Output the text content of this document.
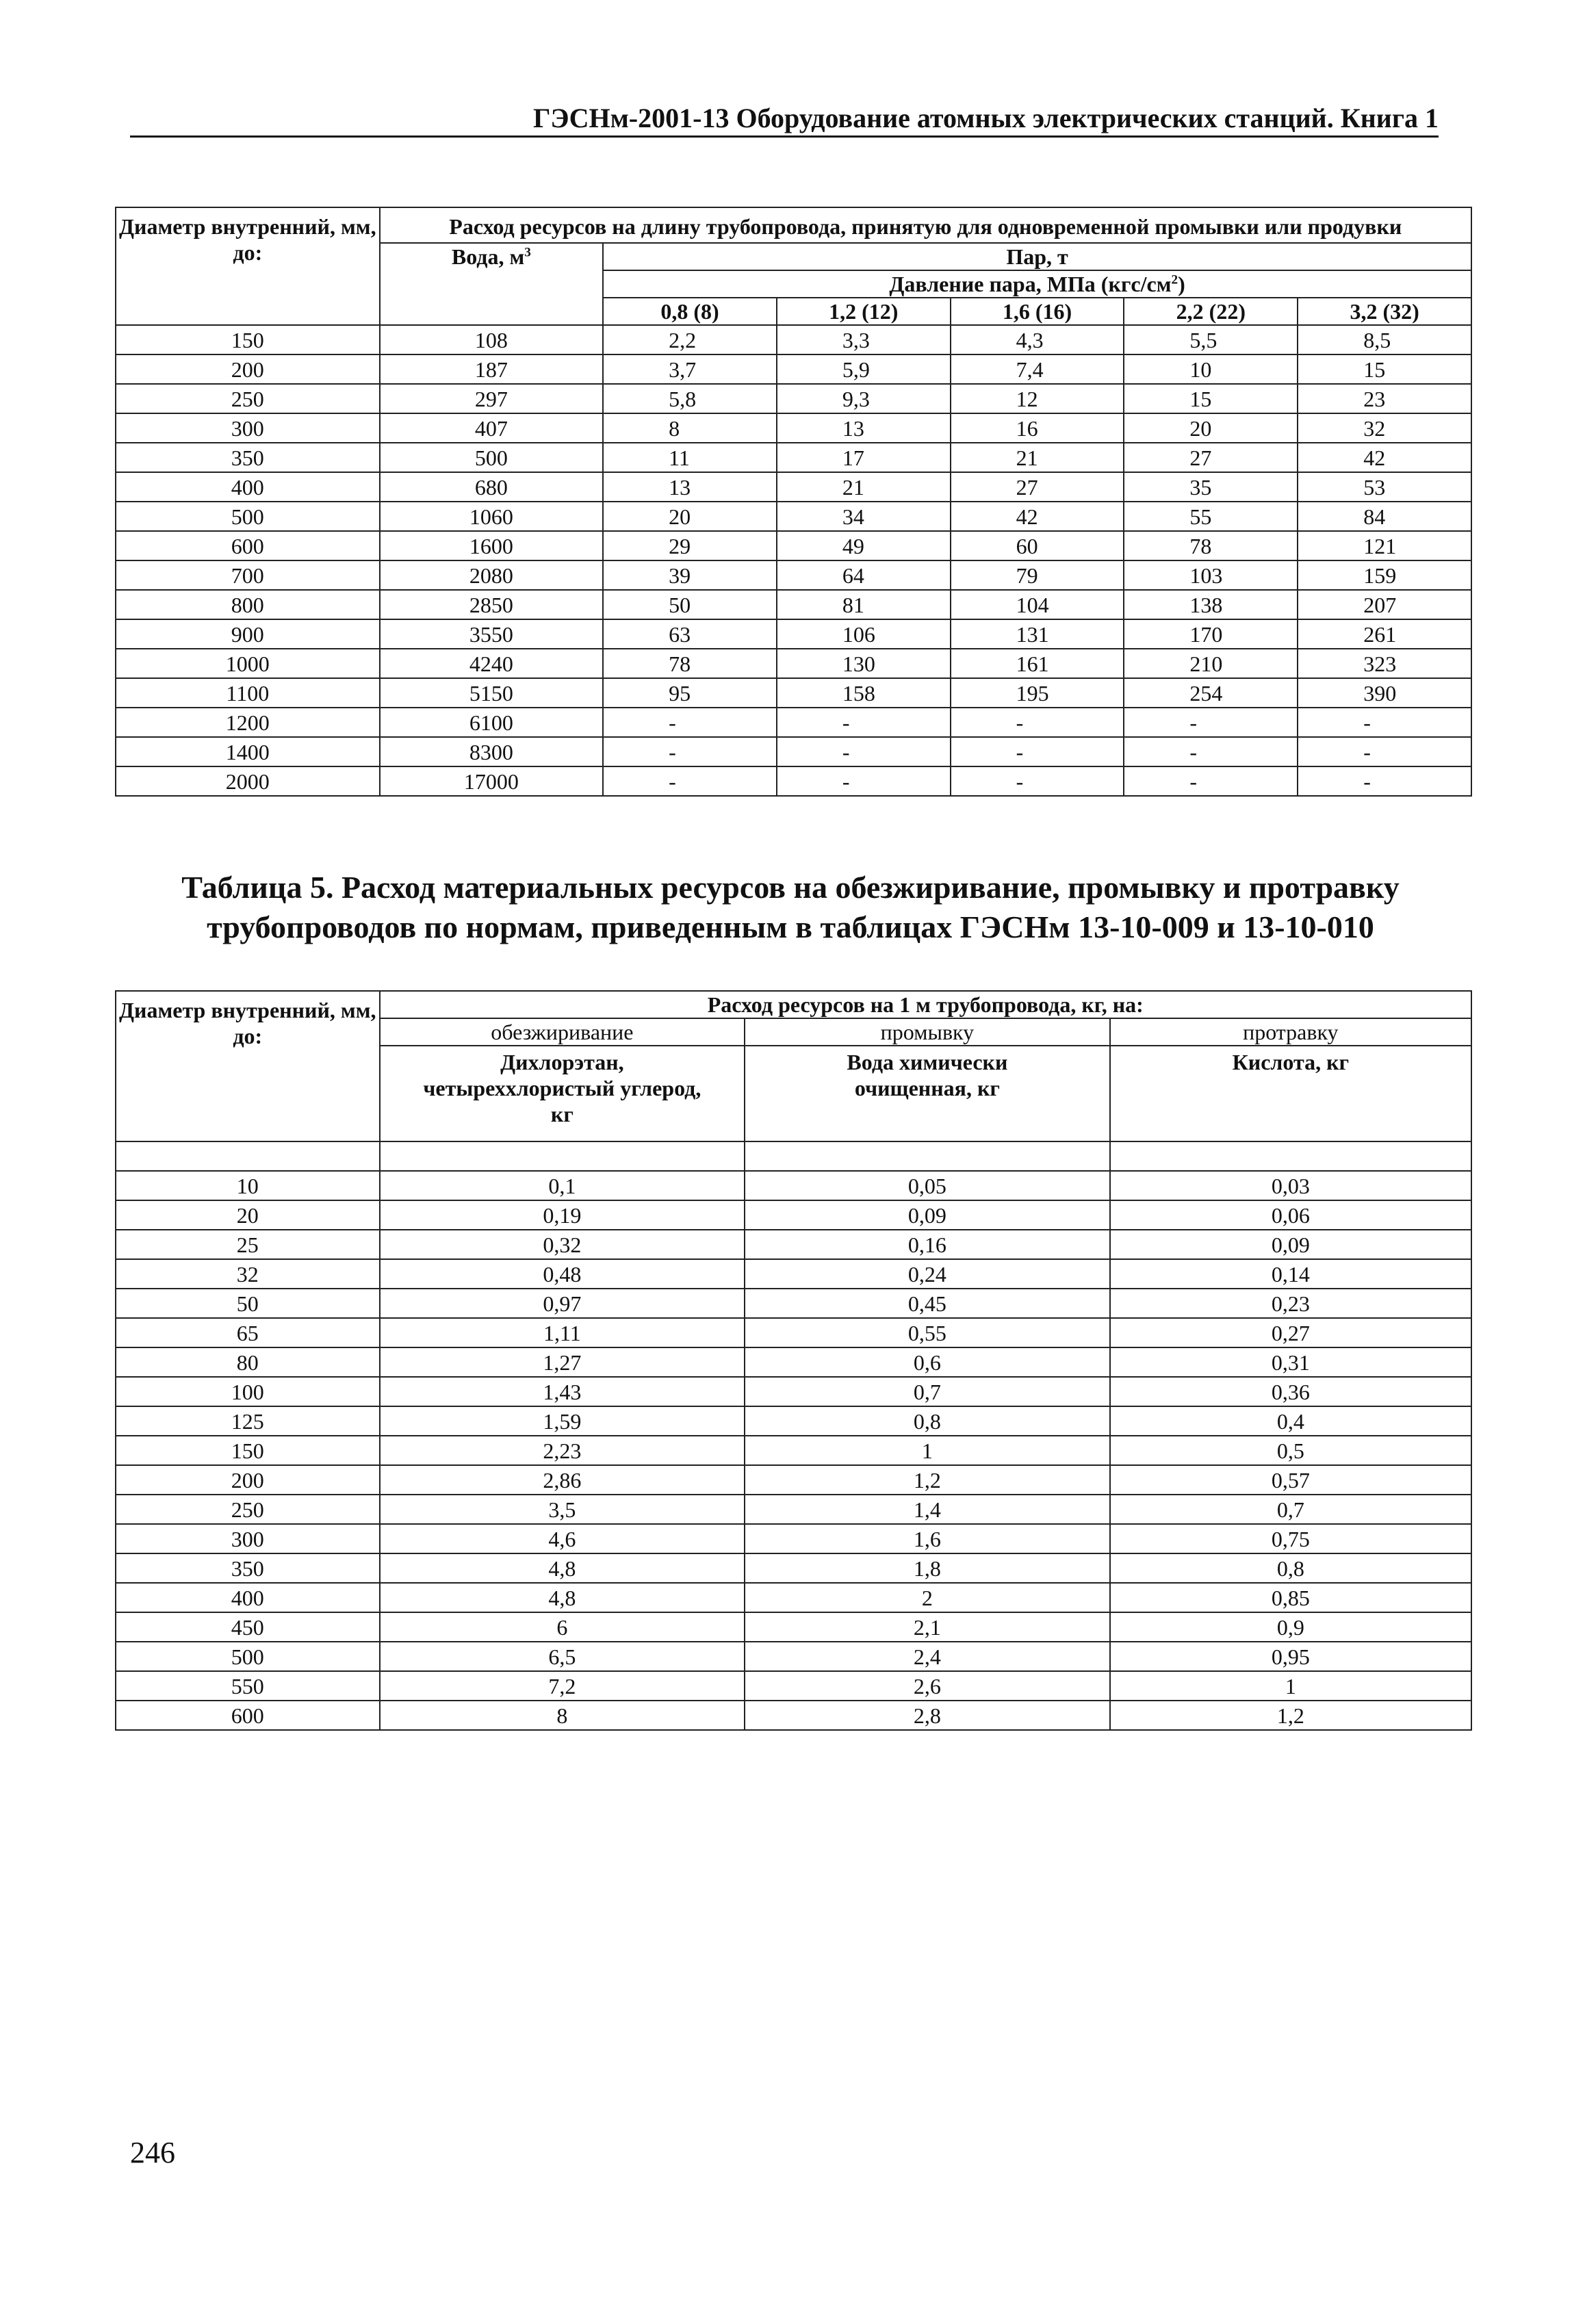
ГЭСНм-2001-13 Оборудование атомных электрических станций. Книга 1
Диаметр внутренний, мм, до:	Расход ресурсов на длину трубопровода, принятую для одновременной промывки или продувки					
	Вода, $м^3$	Пар, т				
		Давление пара, МПа $(кгс/см^2)$				
		0,8 (8)	1,2 (12)	1,6 (16)	2,2 (22)	3,2 (32)
150	108	2,2	3,3	4,3	5,5	8,5
200	187	3,7	5,9	7,4	10	15
250	297	5,8	9,3	12	15	23
300	407	8	13	16	20	32
350	500	11	17	21	27	42
400	680	13	21	27	35	53
500	1060	20	34	42	55	84
600	1600	29	49	60	78	121
700	2080	39	64	79	103	159
800	2850	50	81	104	138	207
900	3550	63	106	131	170	261
1000	4240	78	130	161	210	323
1100	5150	95	158	195	254	390
1200	6100	-	-	-	-	-
1400	8300	-	-	-	-	-
2000	17000	-	-	-	-	-
Таблица 5. Расход материальных ресурсов на обезжиривание, промывку и протравку трубопроводов по нормам, приведенным в таблицах ГЭСНм 13-10-009 и 13-10-010
Диаметр внутренний, мм, до:	Расход ресурсов на 1 м трубопровода, кг, на:		
	обезжиривание	промывку	протравку
	Дихлорэтан, четыреххлористый углерод, кг	Вода химически очищенная, кг	Кислота, кг

10	0,1	0,05	0,03
20	0,19	0,09	0,06
25	0,32	0,16	0,09
32	0,48	0,24	0,14
50	0,97	0,45	0,23
65	1,11	0,55	0,27
80	1,27	0,6	0,31
100	1,43	0,7	0,36
125	1,59	0,8	0,4
150	2,23	1	0,5
200	2,86	1,2	0,57
250	3,5	1,4	0,7
300	4,6	1,6	0,75
350	4,8	1,8	0,8
400	4,8	2	0,85
450	6	2,1	0,9
500	6,5	2,4	0,95
550	7,2	2,6	1
600	8	2,8	1,2
246
